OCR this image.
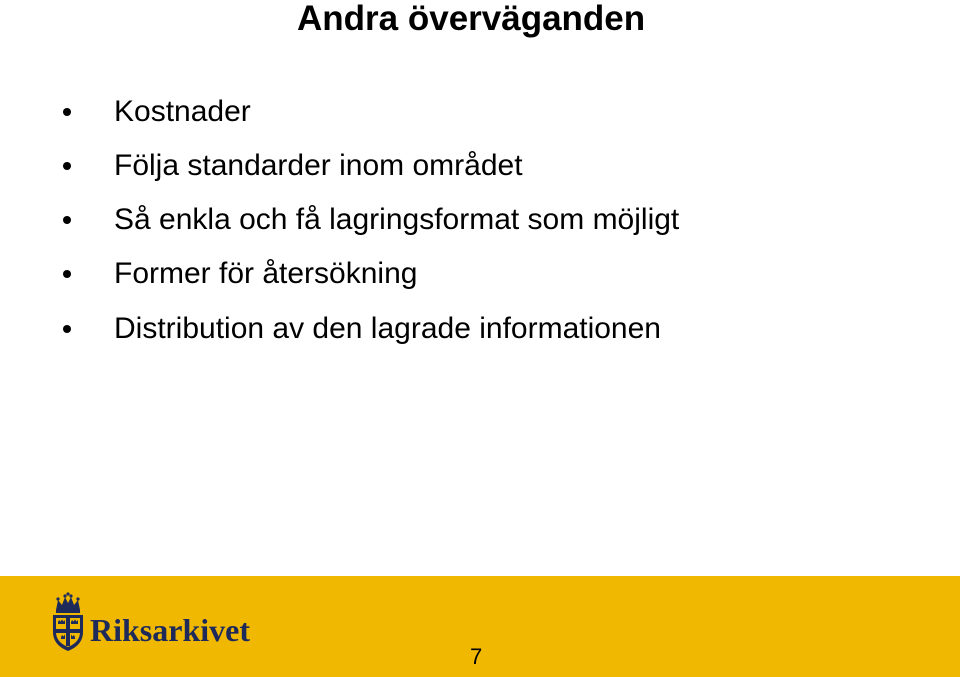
Andra överväganden
Kostnader
Följa standarder inom området
Så enkla och få lagringsformat som möjligt
Former för återsökning
Distribution av den lagrade informationen
Riksarkivet
7
